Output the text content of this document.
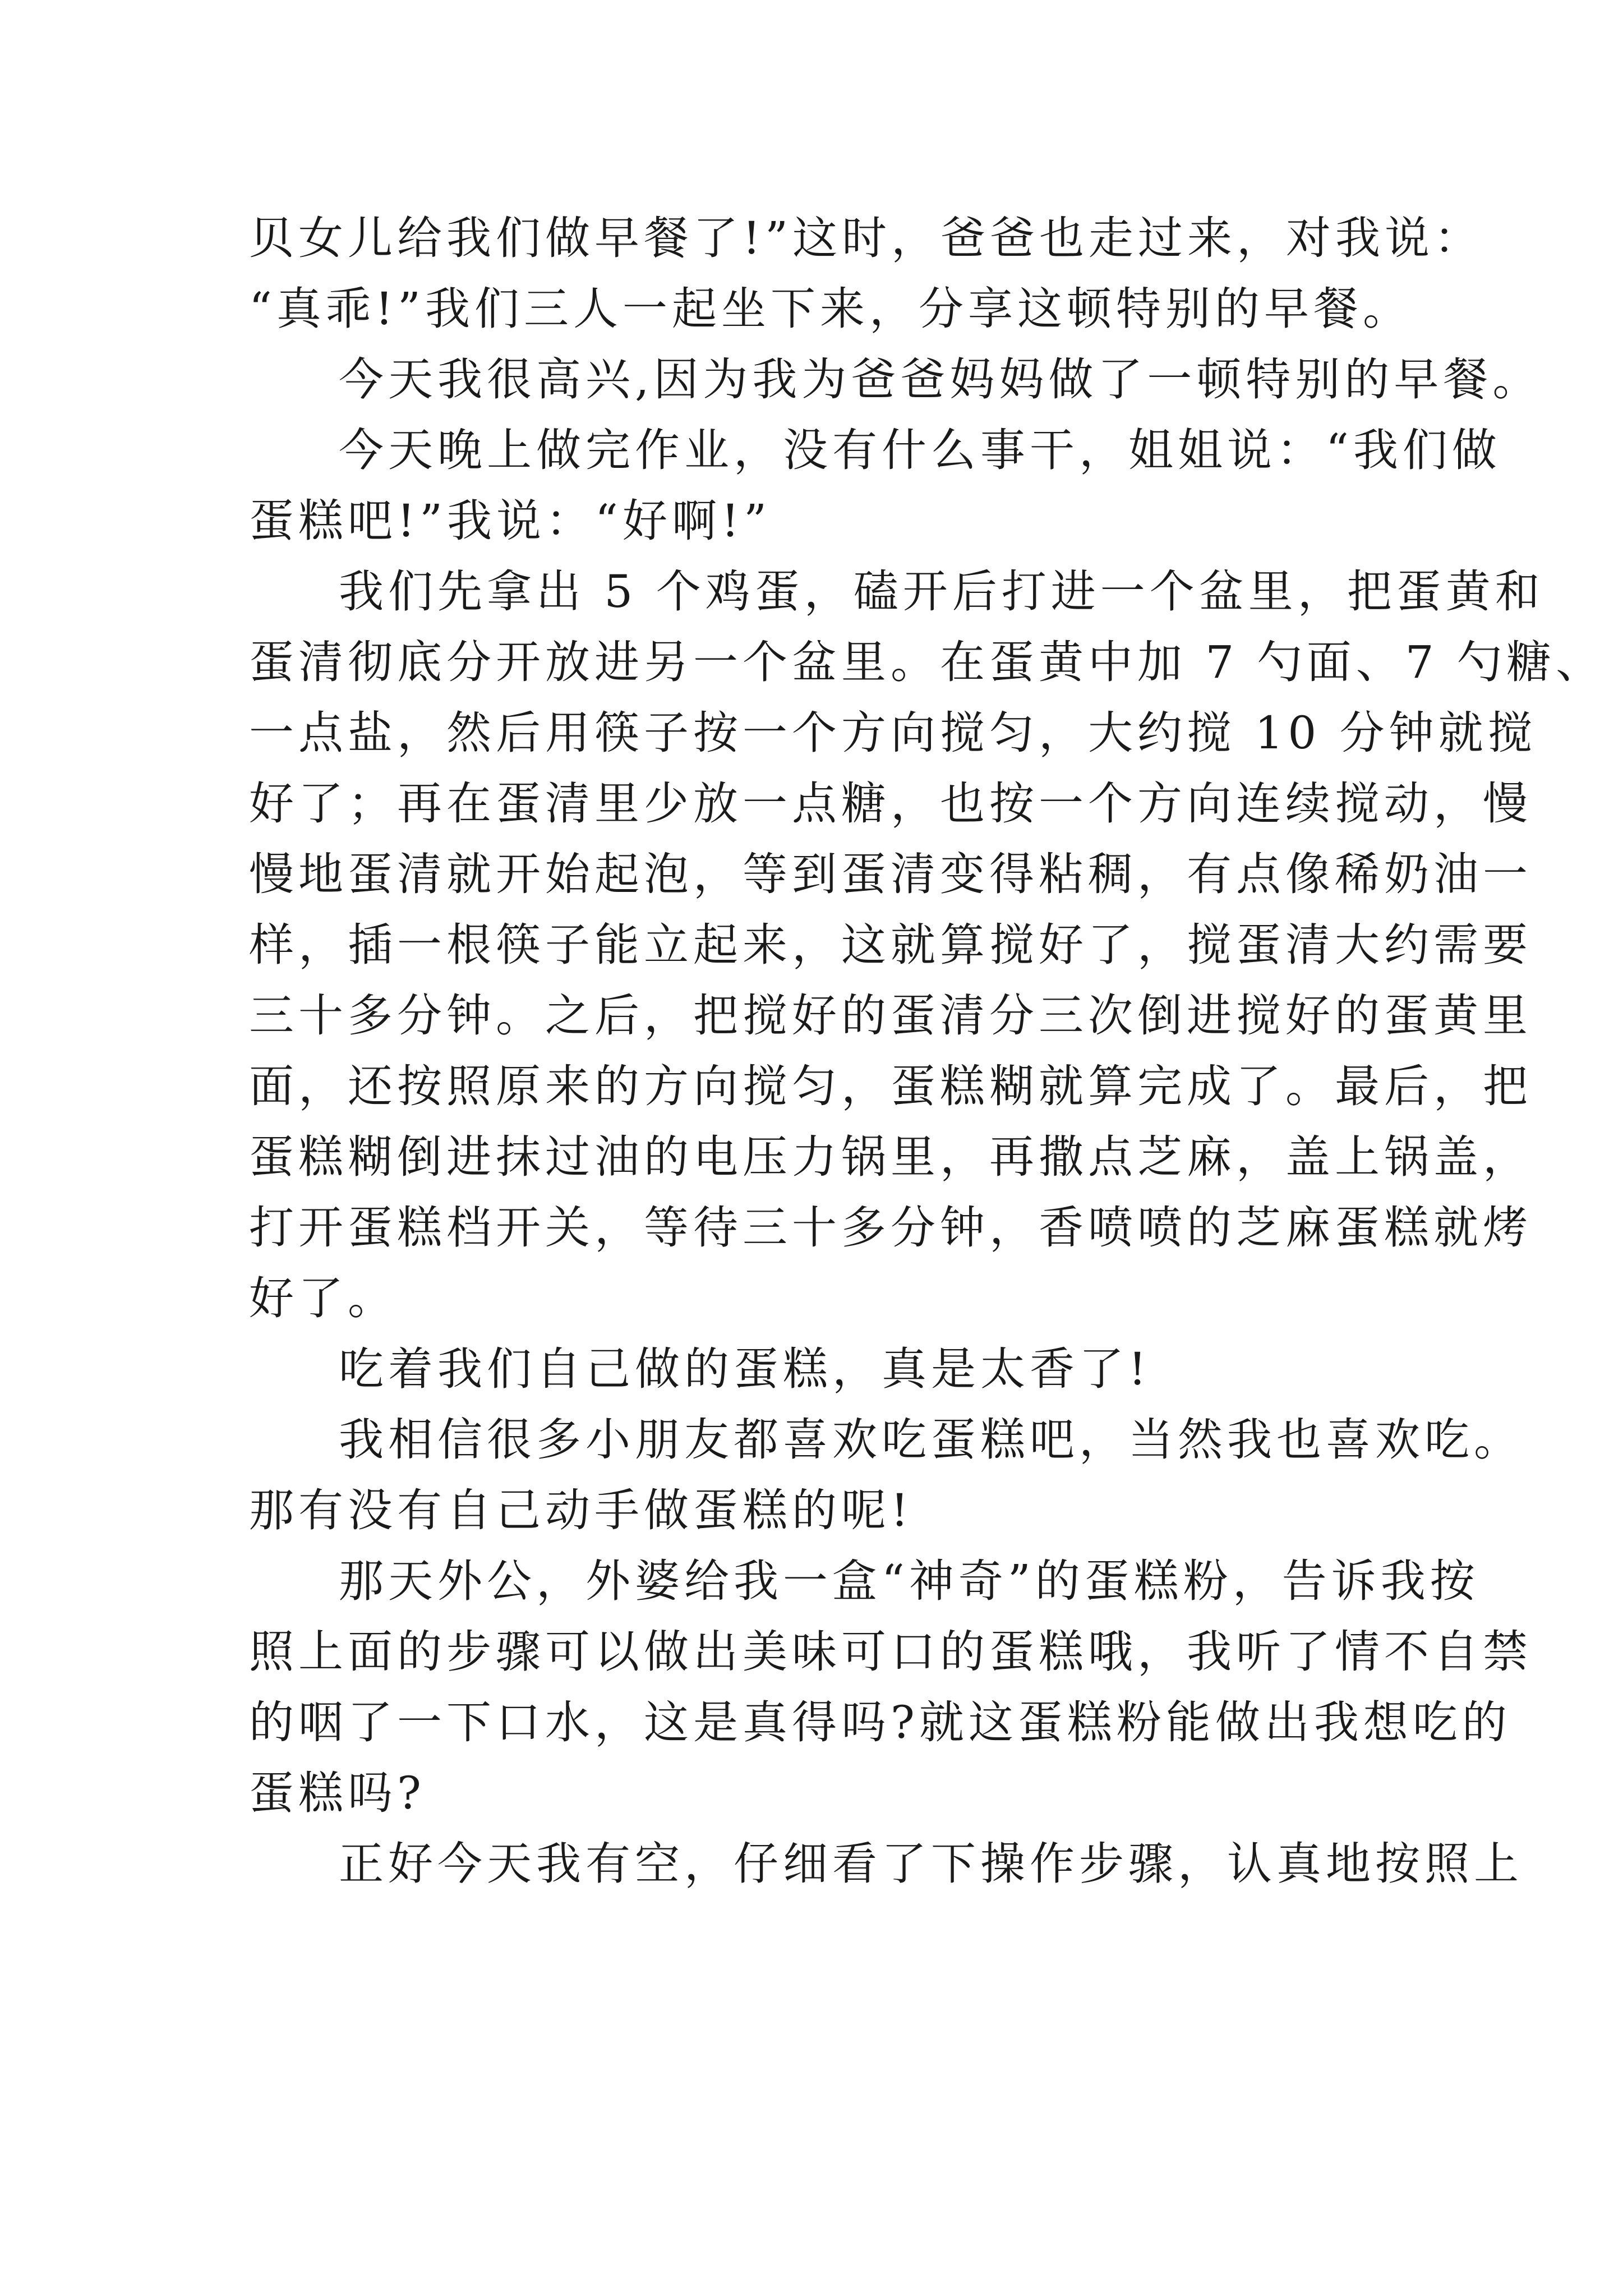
贝女儿给我们做早餐了!”这时，爸爸也走过来，对我说：
“真乖!”我们三人一起坐下来，分享这顿特别的早餐。
今天我很高兴,因为我为爸爸妈妈做了一顿特别的早餐。
今天晚上做完作业，没有什么事干，姐姐说：“我们做
蛋糕吧!”我说：“好啊!”
我们先拿出 5 个鸡蛋，磕开后打进一个盆里，把蛋黄和
蛋清彻底分开放进另一个盆里。在蛋黄中加 7 勺面、7 勺糖、
一点盐，然后用筷子按一个方向搅匀，大约搅 10 分钟就搅
好了；再在蛋清里少放一点糖，也按一个方向连续搅动，慢
慢地蛋清就开始起泡，等到蛋清变得粘稠，有点像稀奶油一
样，插一根筷子能立起来，这就算搅好了，搅蛋清大约需要
三十多分钟。之后，把搅好的蛋清分三次倒进搅好的蛋黄里
面，还按照原来的方向搅匀，蛋糕糊就算完成了。最后，把
蛋糕糊倒进抹过油的电压力锅里，再撒点芝麻，盖上锅盖，
打开蛋糕档开关，等待三十多分钟，香喷喷的芝麻蛋糕就烤
好了。
吃着我们自己做的蛋糕，真是太香了!
我相信很多小朋友都喜欢吃蛋糕吧，当然我也喜欢吃。
那有没有自己动手做蛋糕的呢!
那天外公，外婆给我一盒“神奇”的蛋糕粉，告诉我按
照上面的步骤可以做出美味可口的蛋糕哦，我听了情不自禁
的咽了一下口水，这是真得吗?就这蛋糕粉能做出我想吃的
蛋糕吗?
正好今天我有空，仔细看了下操作步骤，认真地按照上
